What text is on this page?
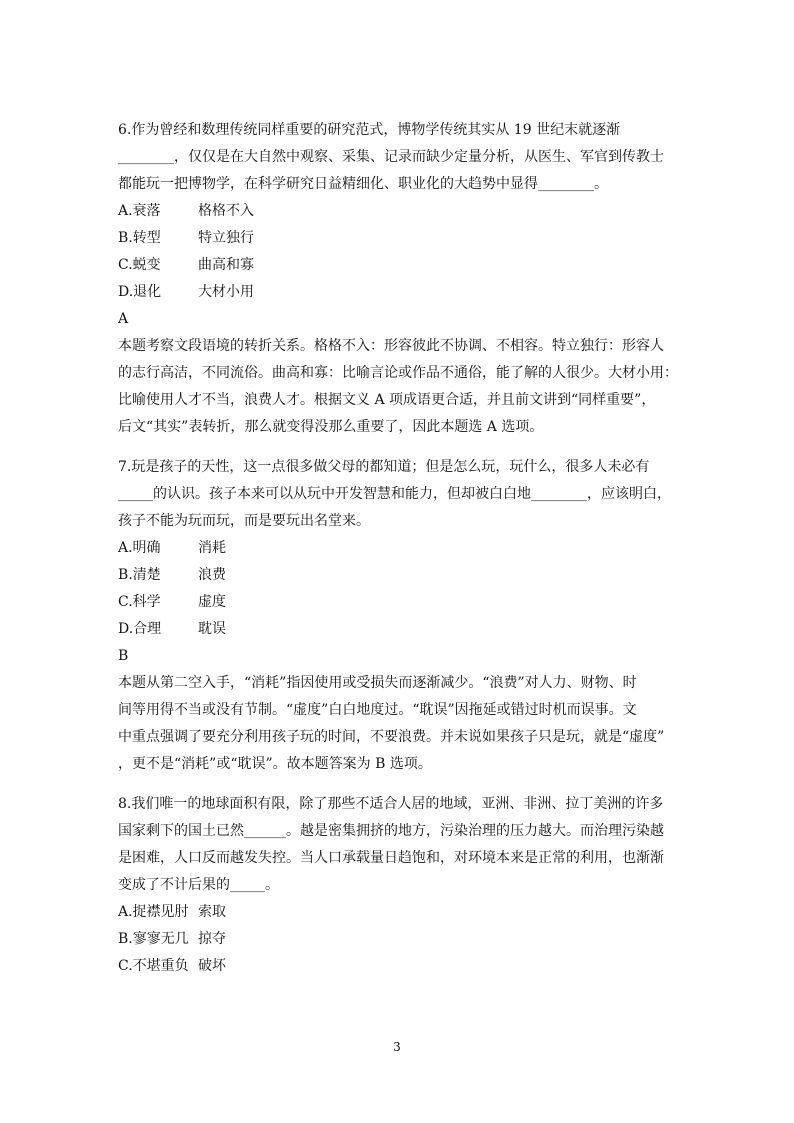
6.作为曾经和数理传统同样重要的研究范式，博物学传统其实从 19 世纪末就逐渐
________，仅仅是在大自然中观察、采集、记录而缺少定量分析，从医生、军官到传教士
都能玩一把博物学，在科学研究日益精细化、职业化的大趋势中显得________。
A.衰落	格格不入
B.转型	特立独行
C.蜕变	曲高和寡
D.退化	大材小用
A
本题考察文段语境的转折关系。格格不入：形容彼此不协调、不相容。特立独行：形容人
的志行高洁，不同流俗。曲高和寡：比喻言论或作品不通俗，能了解的人很少。大材小用：
比喻使用人才不当，浪费人才。根据文义 A 项成语更合适，并且前文讲到“同样重要”，
后文“其实”表转折，那么就变得没那么重要了，因此本题选 A 选项。
7.玩是孩子的天性，这一点很多做父母的都知道；但是怎么玩，玩什么，很多人未必有
_____的认识。孩子本来可以从玩中开发智慧和能力，但却被白白地________，应该明白，
孩子不能为玩而玩，而是要玩出名堂来。
A.明确	消耗
B.清楚	浪费
C.科学	虚度
D.合理	耽误
B
本题从第二空入手，“消耗”指因使用或受损失而逐渐减少。“浪费”对人力、财物、时
间等用得不当或没有节制。“虚度”白白地度过。“耽误”因拖延或错过时机而误事。文
中重点强调了要充分利用孩子玩的时间，不要浪费。并未说如果孩子只是玩，就是“虚度”
，更不是“消耗”或“耽误”。故本题答案为 B 选项。
8.我们唯一的地球面积有限，除了那些不适合人居的地域，亚洲、非洲、拉丁美洲的许多
国家剩下的国土已然______。越是密集拥挤的地方，污染治理的压力越大。而治理污染越
是困难，人口反而越发失控。当人口承载量日趋饱和，对环境本来是正常的利用，也渐渐
变成了不计后果的_____。
A.捉襟见肘 索取
B.寥寥无几 掠夺
C.不堪重负 破坏
3
